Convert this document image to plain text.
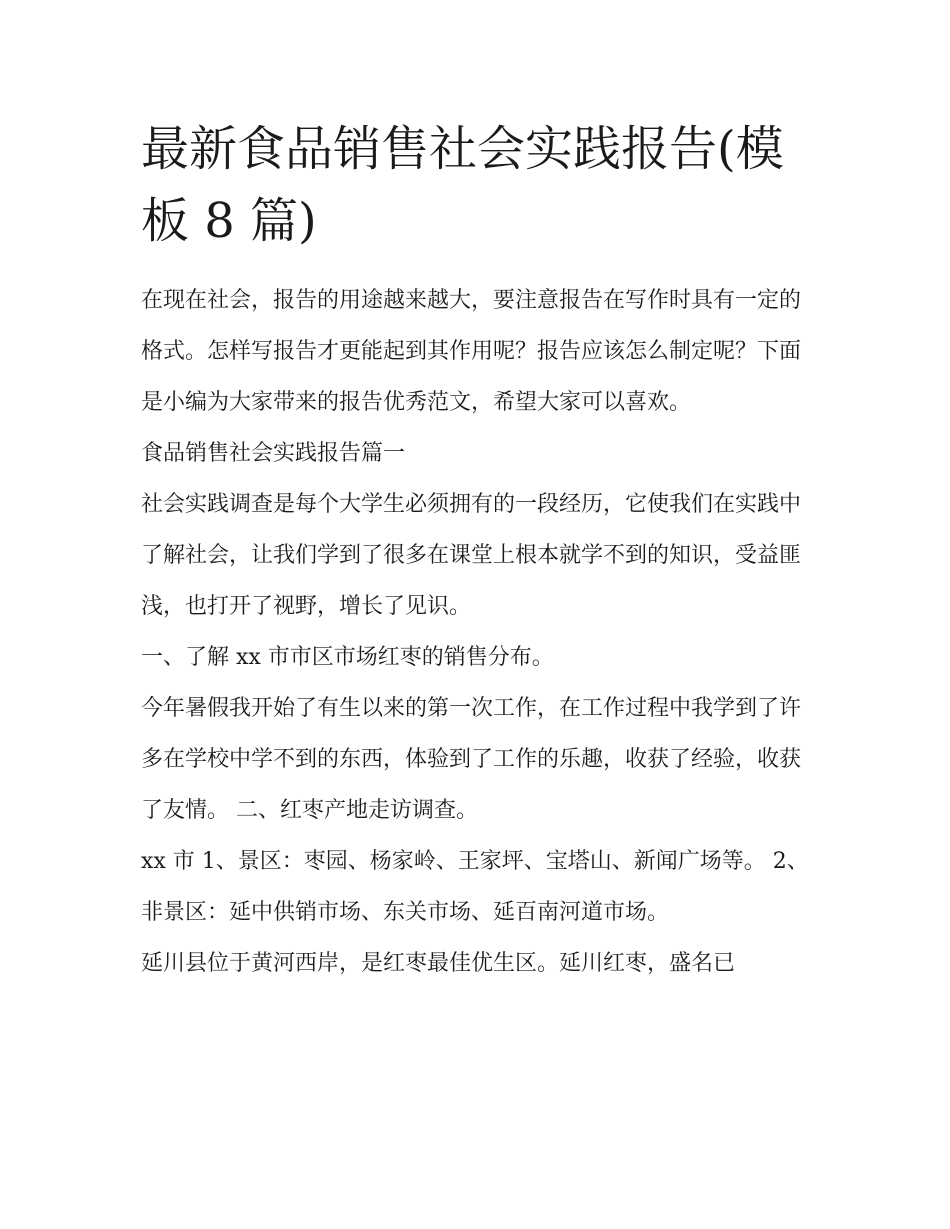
最新食品销售社会实践报告(模板 8 篇)

在现在社会，报告的用途越来越大，要注意报告在写作时具有一定的格式。怎样写报告才更能起到其作用呢？报告应该怎么制定呢？下面是小编为大家带来的报告优秀范文，希望大家可以喜欢。

食品销售社会实践报告篇一

社会实践调查是每个大学生必须拥有的一段经历，它使我们在实践中了解社会，让我们学到了很多在课堂上根本就学不到的知识，受益匪浅，也打开了视野，增长了见识。

一、了解 xx 市市区市场红枣的销售分布。

今年暑假我开始了有生以来的第一次工作，在工作过程中我学到了许多在学校中学不到的东西，体验到了工作的乐趣，收获了经验，收获了友情。 二、红枣产地走访调查。

xx 市 1、景区：枣园、杨家岭、王家坪、宝塔山、新闻广场等。 2、非景区：延中供销市场、东关市场、延百南河道市场。

延川县位于黄河西岸，是红枣最佳优生区。延川红枣，盛名已
